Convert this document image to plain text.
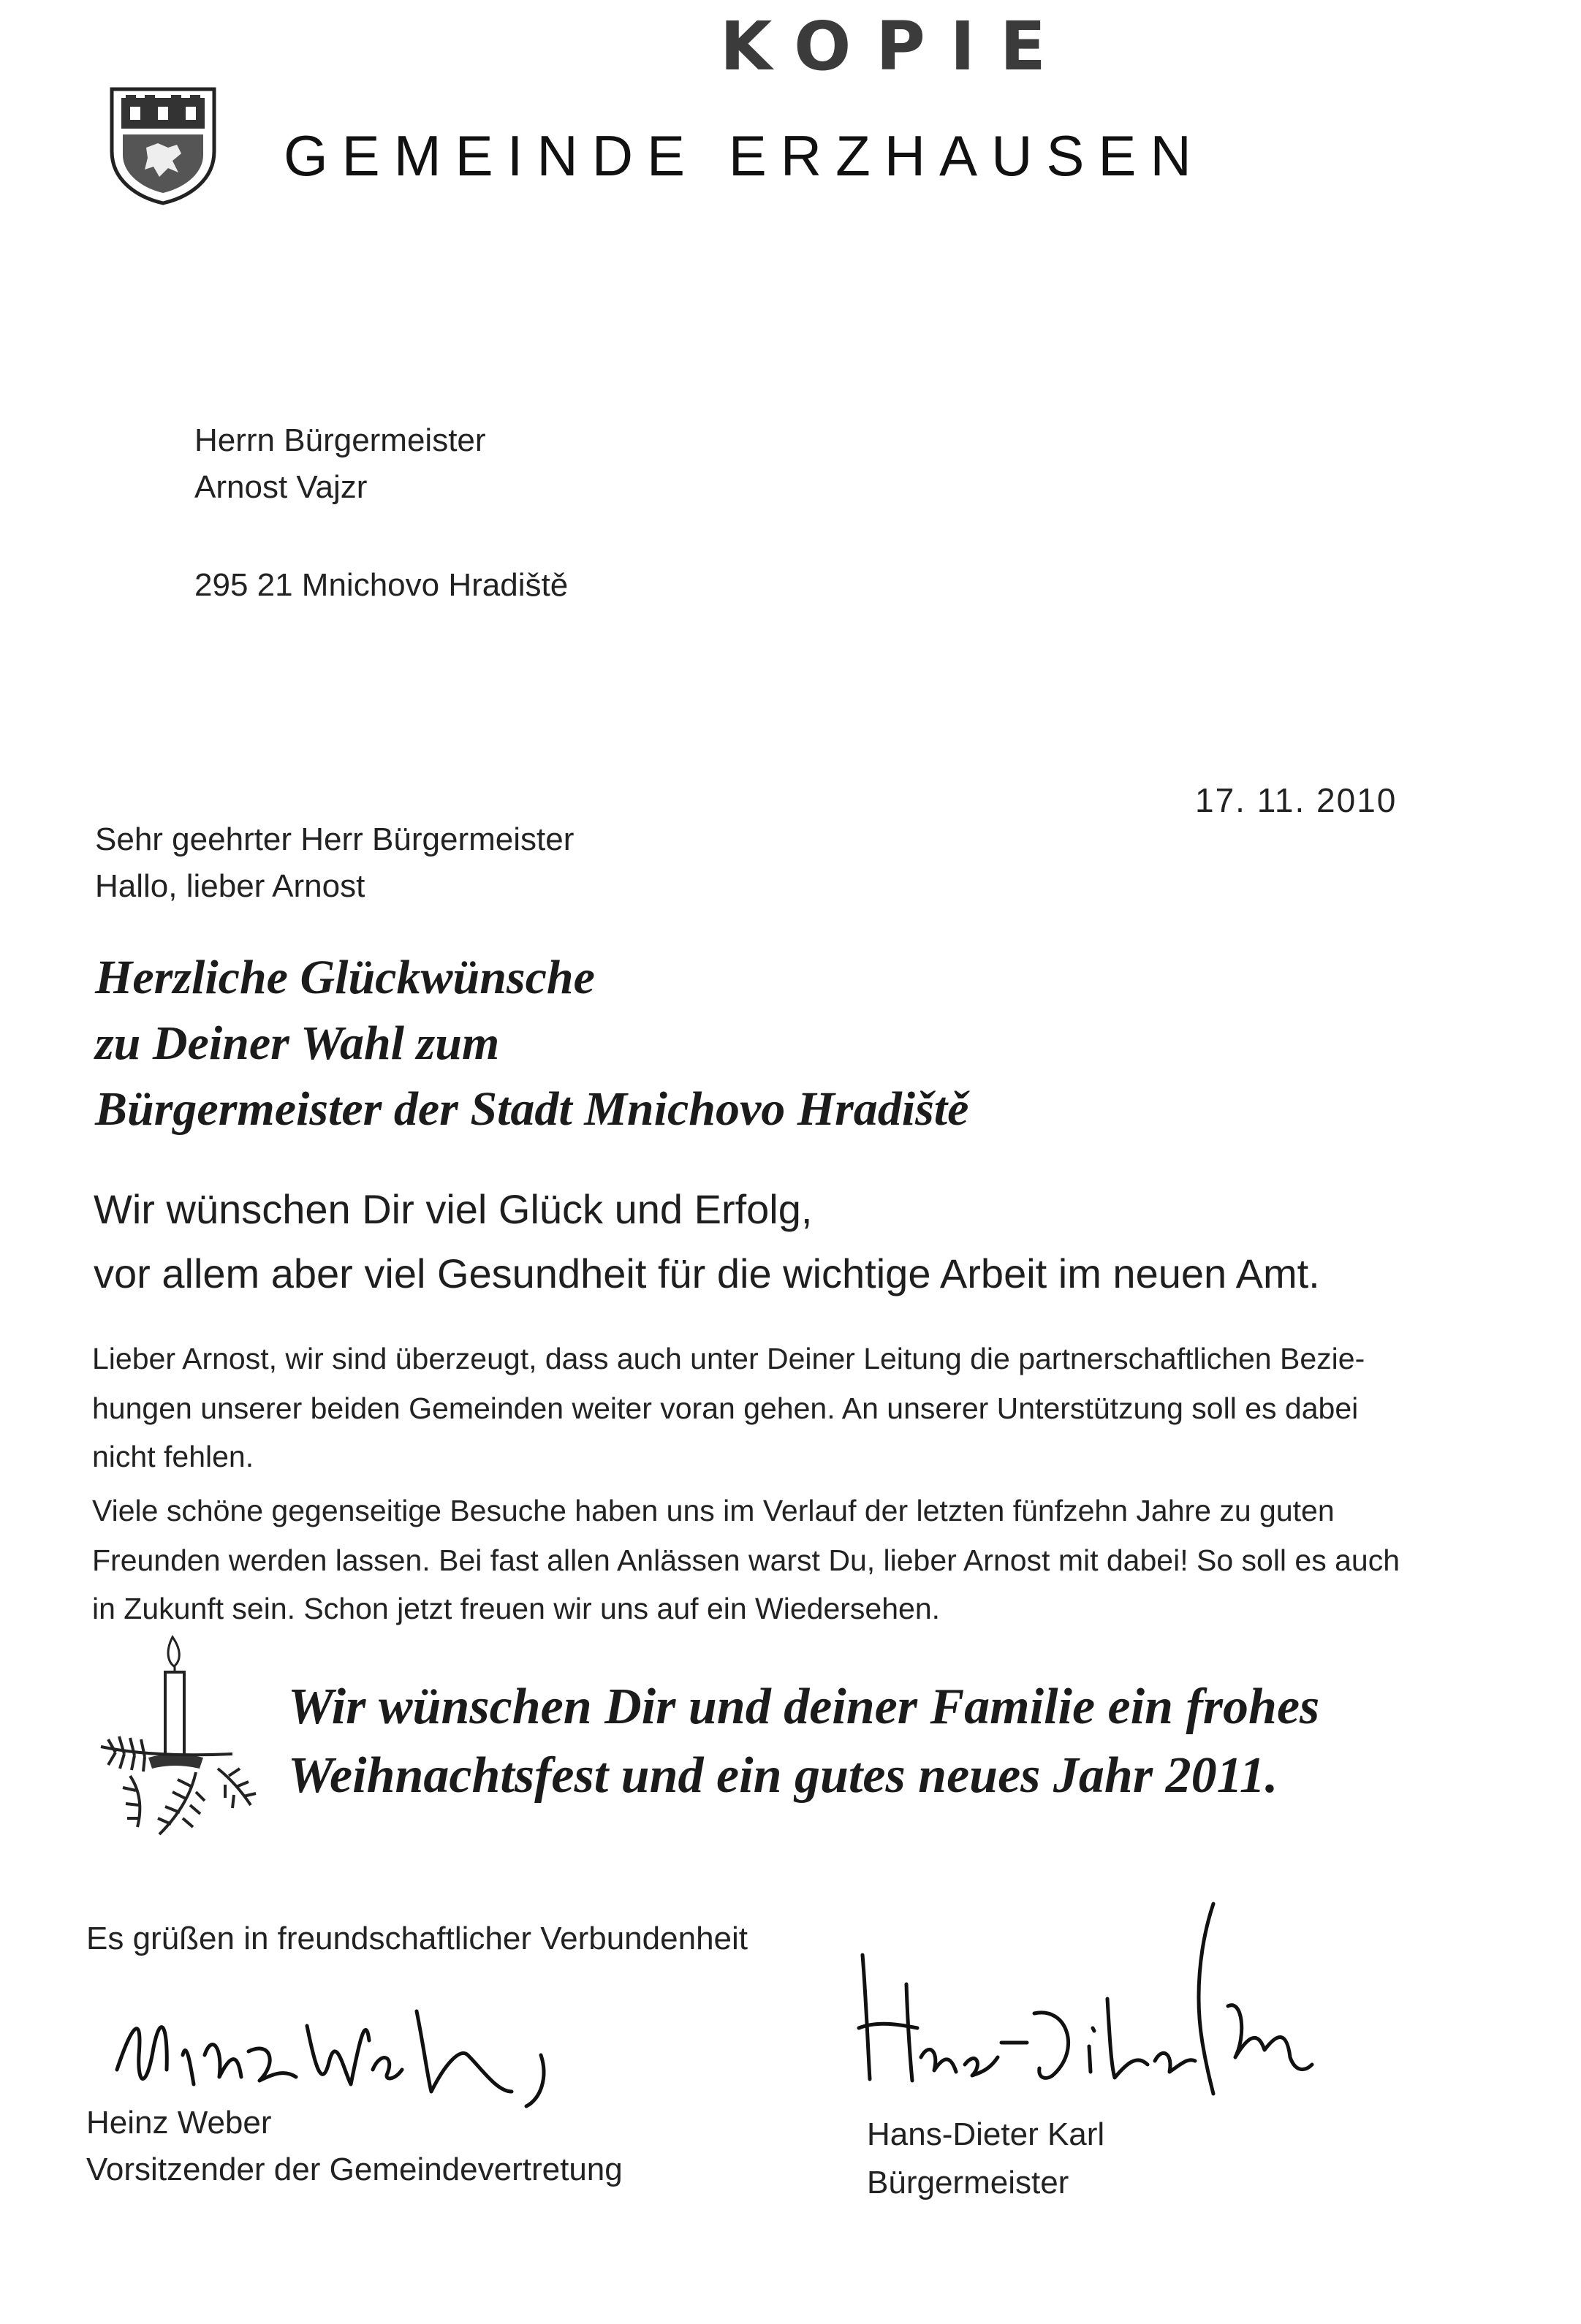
KOPIE
GEMEINDE ERZHAUSEN
Herrn Bürgermeister
Arnost Vajzr
295 21 Mnichovo Hradiště
17. 11. 2010
Sehr geehrter Herr Bürgermeister
Hallo, lieber Arnost
Herzliche Glückwünsche
zu Deiner Wahl zum
Bürgermeister der Stadt Mnichovo Hradiště
Wir wünschen Dir viel Glück und Erfolg,
vor allem aber viel Gesundheit für die wichtige Arbeit im neuen Amt.
Lieber Arnost, wir sind überzeugt, dass auch unter Deiner Leitung die partnerschaftlichen Bezie-
hungen unserer beiden Gemeinden weiter voran gehen. An unserer Unterstützung soll es dabei
nicht fehlen.
Viele schöne gegenseitige Besuche haben uns im Verlauf der letzten fünfzehn Jahre zu guten
Freunden werden lassen. Bei fast allen Anlässen warst Du, lieber Arnost mit dabei! So soll es auch
in Zukunft sein. Schon jetzt freuen wir uns auf ein Wiedersehen.
Wir wünschen Dir und deiner Familie ein frohes
Weihnachtsfest und ein gutes neues Jahr 2011.
Es grüßen in freundschaftlicher Verbundenheit
Heinz Weber
Vorsitzender der Gemeindevertretung
Hans-Dieter Karl
Bürgermeister
